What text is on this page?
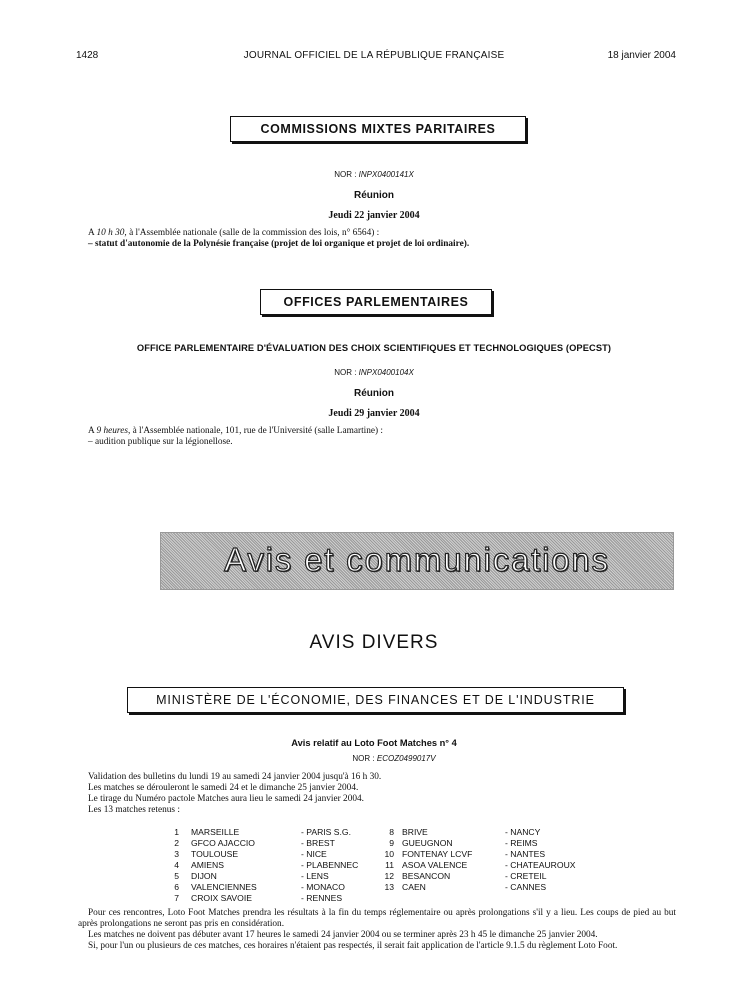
1428	JOURNAL OFFICIEL DE LA RÉPUBLIQUE FRANÇAISE	18 janvier 2004
COMMISSIONS MIXTES PARITAIRES
NOR : INPX0400141X
Réunion
Jeudi 22 janvier 2004
A 10 h 30, à l'Assemblée nationale (salle de la commission des lois, n° 6564) :
– statut d'autonomie de la Polynésie française (projet de loi organique et projet de loi ordinaire).
OFFICES PARLEMENTAIRES
OFFICE PARLEMENTAIRE D'ÉVALUATION DES CHOIX SCIENTIFIQUES ET TECHNOLOGIQUES (OPECST)
NOR : INPX0400104X
Réunion
Jeudi 29 janvier 2004
A 9 heures, à l'Assemblée nationale, 101, rue de l'Université (salle Lamartine) :
– audition publique sur la légionellose.
Avis et communications
AVIS DIVERS
MINISTÈRE DE L'ÉCONOMIE, DES FINANCES ET DE L'INDUSTRIE
Avis relatif au Loto Foot Matches n° 4
NOR : ECOZ0499017V
Validation des bulletins du lundi 19 au samedi 24 janvier 2004 jusqu'à 16 h 30.
Les matches se dérouleront le samedi 24 et le dimanche 25 janvier 2004.
Le tirage du Numéro pactole Matches aura lieu le samedi 24 janvier 2004.
Les 13 matches retenus :
1 MARSEILLE	- PARIS S.G.
2 GFCO AJACCIO	- BREST
3 TOULOUSE	- NICE
4 AMIENS	- PLABENNEC
5 DIJON	- LENS
6 VALENCIENNES	- MONACO
7 CROIX SAVOIE	- RENNES
8 BRIVE	- NANCY
9 GUEUGNON	- REIMS
10 FONTENAY LCVF	- NANTES
11 ASOA VALENCE	- CHATEAUROUX
12 BESANCON	- CRETEIL
13 CAEN	- CANNES
Pour ces rencontres, Loto Foot Matches prendra les résultats à la fin du temps réglementaire ou après prolongations s'il y a lieu. Les coups de pied au but après prolongations ne seront pas pris en considération.
Les matches ne doivent pas débuter avant 17 heures le samedi 24 janvier 2004 ou se terminer après 23 h 45 le dimanche 25 janvier 2004.
Si, pour l'un ou plusieurs de ces matches, ces horaires n'étaient pas respectés, il serait fait application de l'article 9.1.5 du règlement Loto Foot.
